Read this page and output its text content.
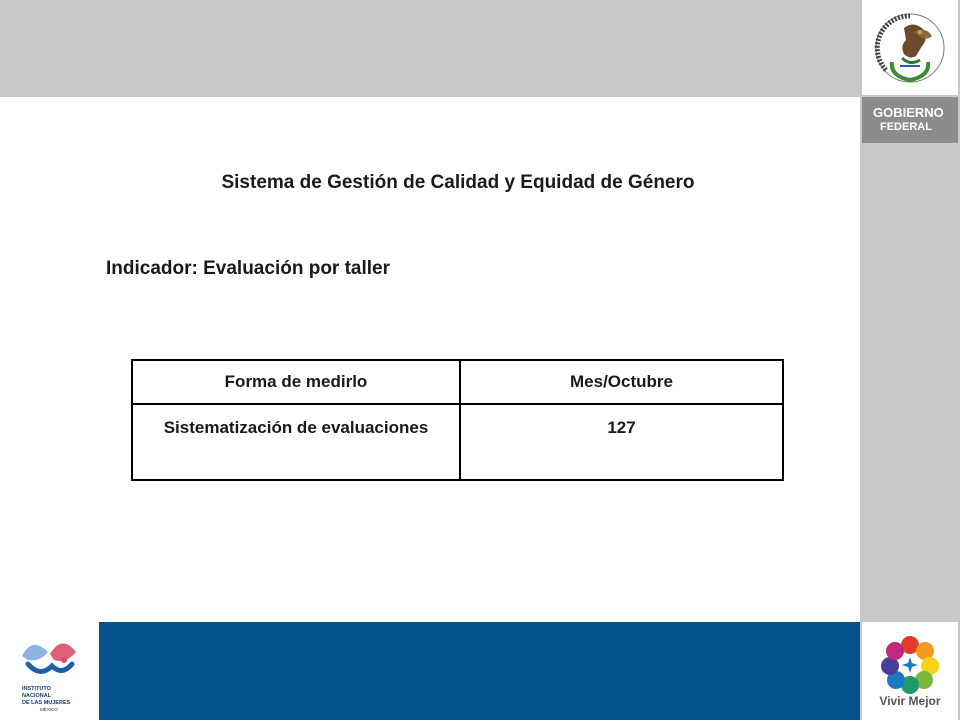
GOBIERNO
FEDERAL
Vivir Mejor
INSTITUTO
NACIONAL
DE LAS MUJERES
MÉXICO
Sistema de Gestión de Calidad y Equidad de Género
Indicador: Evaluación por taller
Forma de medirlo	Mes/Octubre
Sistematización de evaluaciones	127
